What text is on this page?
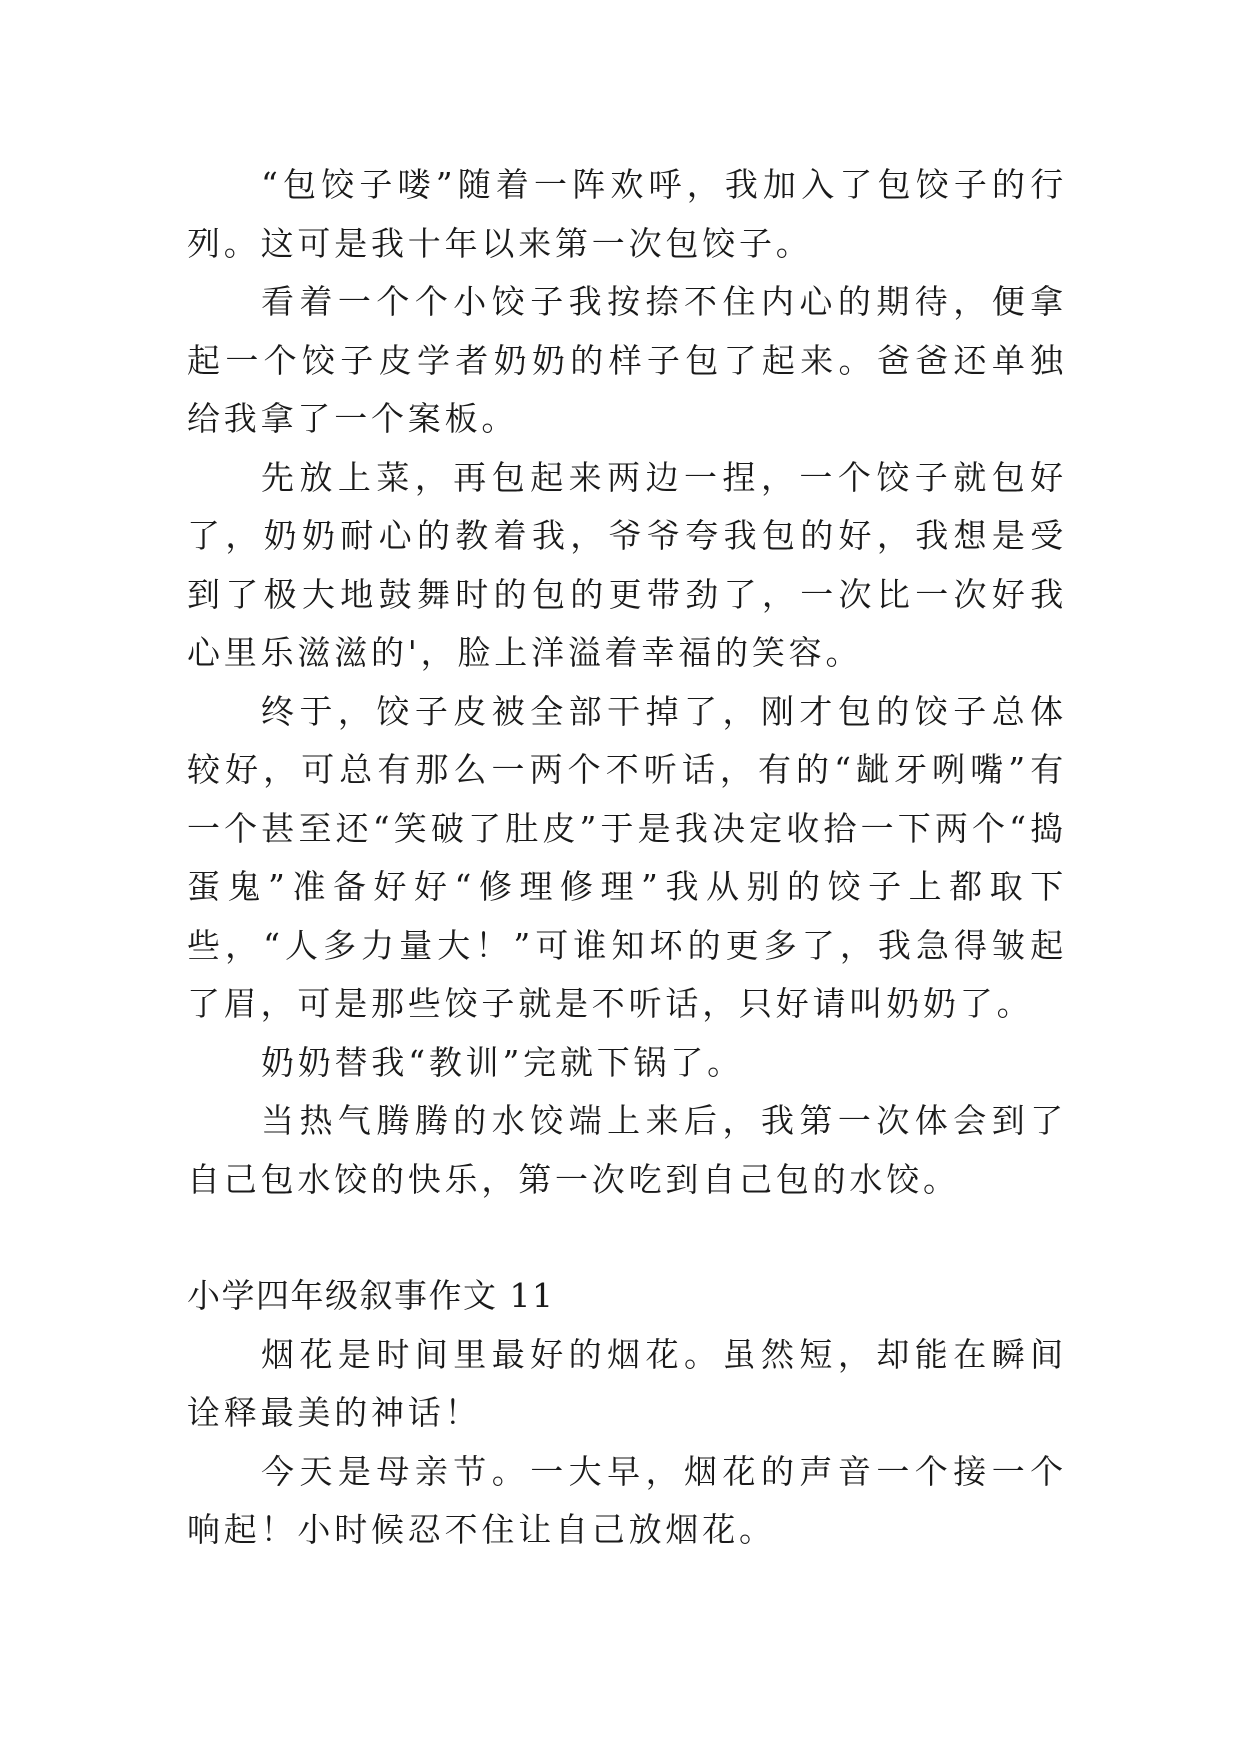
“包饺子喽”随着一阵欢呼，我加入了包饺子的行列。这可是我十年以来第一次包饺子。

看着一个个小饺子我按捺不住内心的期待，便拿起一个饺子皮学者奶奶的样子包了起来。爸爸还单独给我拿了一个案板。

先放上菜，再包起来两边一捏，一个饺子就包好了，奶奶耐心的教着我，爷爷夸我包的好，我想是受到了极大地鼓舞时的包的更带劲了，一次比一次好我心里乐滋滋的'，脸上洋溢着幸福的笑容。

终于，饺子皮被全部干掉了，刚才包的饺子总体较好，可总有那么一两个不听话，有的“龇牙咧嘴”有一个甚至还“笑破了肚皮”于是我决定收拾一下两个“捣蛋鬼”准备好好“修理修理”我从别的饺子上都取下些，“人多力量大！”可谁知坏的更多了，我急得皱起了眉，可是那些饺子就是不听话，只好请叫奶奶了。

奶奶替我“教训”完就下锅了。

当热气腾腾的水饺端上来后，我第一次体会到了自己包水饺的快乐，第一次吃到自己包的水饺。

小学四年级叙事作文 11

烟花是时间里最好的烟花。虽然短，却能在瞬间诠释最美的神话！

今天是母亲节。一大早，烟花的声音一个接一个响起！小时候忍不住让自己放烟花。
